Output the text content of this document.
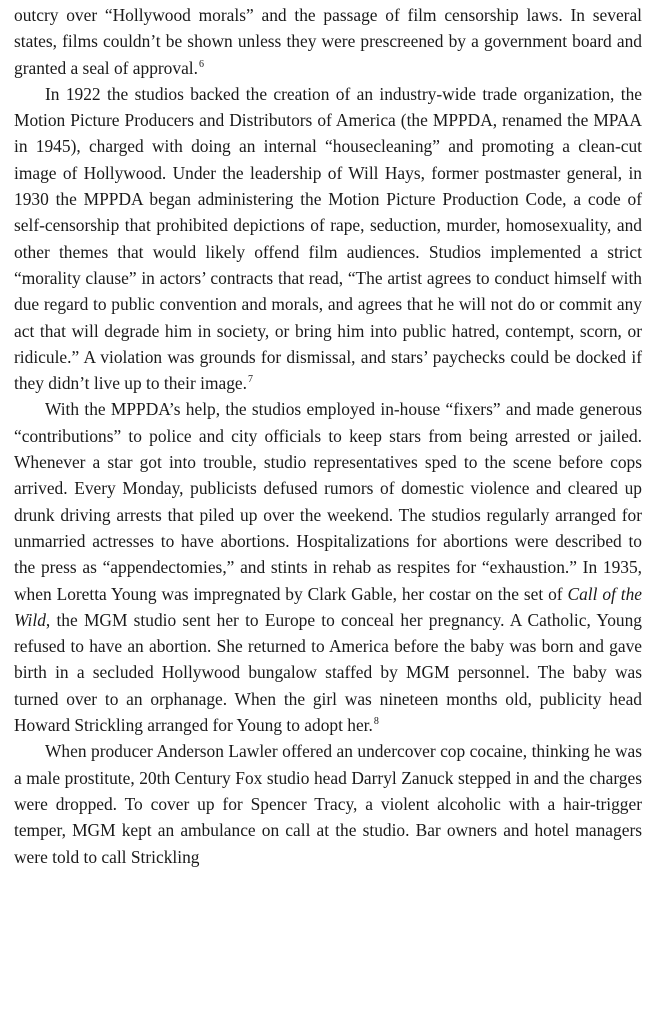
outcry over “Hollywood morals” and the passage of film censorship laws. In several states, films couldn’t be shown unless they were prescreened by a government board and granted a seal of approval.$^6$

In 1922 the studios backed the creation of an industry-wide trade organization, the Motion Picture Producers and Distributors of America (the MPPDA, renamed the MPAA in 1945), charged with doing an internal “housecleaning” and promoting a clean-cut image of Hollywood. Under the leadership of Will Hays, former postmaster general, in 1930 the MPPDA began administering the Motion Picture Production Code, a code of self-censorship that prohibited depictions of rape, seduction, murder, homosexuality, and other themes that would likely offend film audiences. Studios implemented a strict “morality clause” in actors’ contracts that read, “The artist agrees to conduct himself with due regard to public convention and morals, and agrees that he will not do or commit any act that will degrade him in society, or bring him into public hatred, contempt, scorn, or ridicule.” A violation was grounds for dismissal, and stars’ paychecks could be docked if they didn’t live up to their image.$^7$

With the MPPDA’s help, the studios employed in-house “fixers” and made generous “contributions” to police and city officials to keep stars from being arrested or jailed. Whenever a star got into trouble, studio representatives sped to the scene before cops arrived. Every Monday, publicists defused rumors of domestic violence and cleared up drunk driving arrests that piled up over the weekend. The studios regularly arranged for unmarried actresses to have abortions. Hospitalizations for abortions were described to the press as “appendectomies,” and stints in rehab as respites for “exhaustion.” In 1935, when Loretta Young was impregnated by Clark Gable, her costar on the set of Call of the Wild, the MGM studio sent her to Europe to conceal her pregnancy. A Catholic, Young refused to have an abortion. She returned to America before the baby was born and gave birth in a secluded Hollywood bungalow staffed by MGM personnel. The baby was turned over to an orphanage. When the girl was nineteen months old, publicity head Howard Strickling arranged for Young to adopt her.$^8$

When producer Anderson Lawler offered an undercover cop cocaine, thinking he was a male prostitute, 20th Century Fox studio head Darryl Zanuck stepped in and the charges were dropped. To cover up for Spencer Tracy, a violent alcoholic with a hair-trigger temper, MGM kept an ambulance on call at the studio. Bar owners and hotel managers were told to call Strickling
